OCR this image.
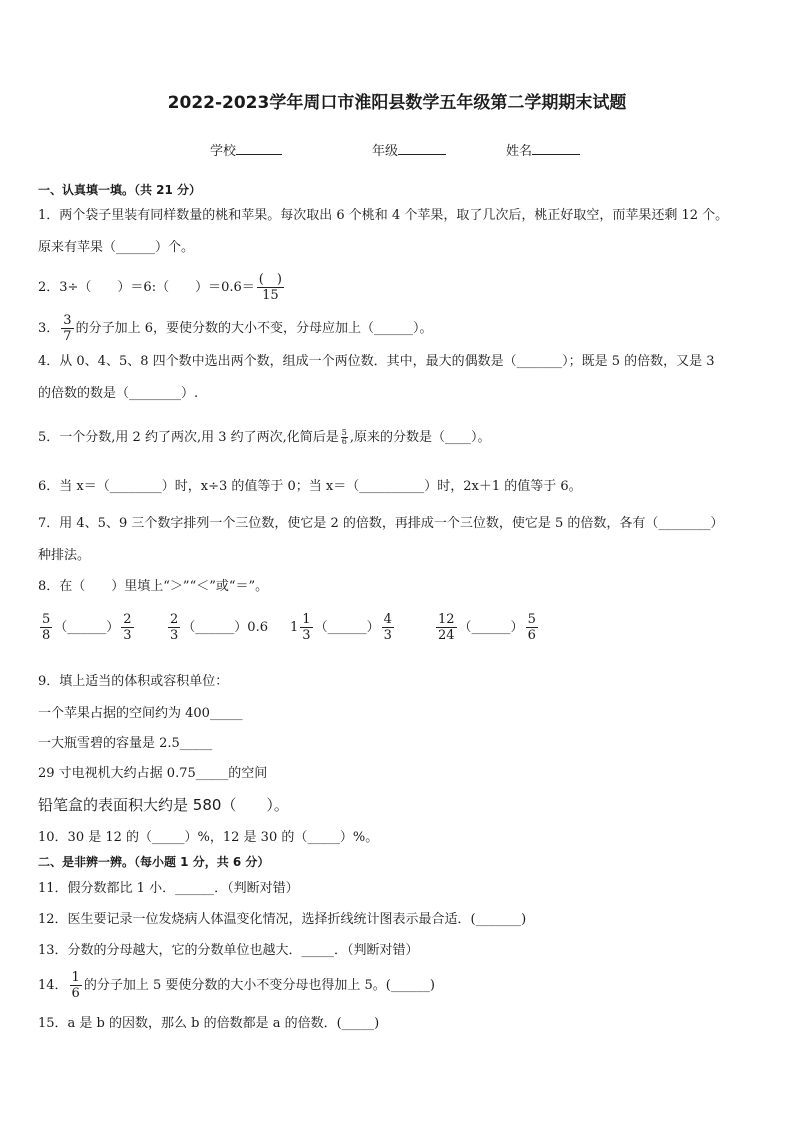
2022-2023学年周口市淮阳县数学五年级第二学期期末试题
学校	年级	姓名
一、认真填一填。（共 21 分）
1．两个袋子里装有同样数量的桃和苹果。每次取出 6 个桃和 4 个苹果，取了几次后，桃正好取空，而苹果还剩 12 个。
原来有苹果（______）个。
2．3÷（　　）＝6:（　　）$=0.6= \frac{( )}{15}$
3． $\frac{3}{7}$ 的分子加上 6，要使分数的大小不变，分母应加上（______）。
4．从 0、4、5、8 四个数中选出两个数，组成一个两位数．其中，最大的偶数是（_______）；既是 5 的倍数，又是 3
的倍数的数是（________）.
5．一个分数,用 2 约了两次,用 3 约了两次,化简后是 $\frac{5}{6}$ ,原来的分数是（____）。
6．当 x＝（________）时，x÷3 的值等于 0；当 x＝（__________）时，2x＋1 的值等于 6。
7．用 4、5、9 三个数字排列一个三位数，使它是 2 的倍数，再排成一个三位数，使它是 5 的倍数，各有（________）
种排法。
8．在（　　）里填上“＞”“＜”或“＝”。
$\frac{5}{8}$ （______） $\frac{2}{3}$	$\frac{2}{3}$ （______）0.6 $1 \frac{1}{3}$ （______） $\frac{4}{3}$	$\frac{12}{24}$ （______） $\frac{5}{6}$
9．填上适当的体积或容积单位：
一个苹果占据的空间约为 400_____
一大瓶雪碧的容量是 2.5_____
29 寸电视机大约占据 0.75_____的空间
铅笔盒的表面积大约是 580（　　）。
10．30 是 12 的（_____）%，12 是 30 的（_____）%。
二、是非辨一辨。（每小题 1 分，共 6 分）
11．假分数都比 1 小．______．（判断对错）
12．医生要记录一位发烧病人体温变化情况，选择折线统计图表示最合适．(_______)
13．分数的分母越大，它的分数单位也越大．_____．（判断对错）
14． $\frac{1}{6}$ 的分子加上 5 要使分数的大小不变分母也得加上 5。(______)
15．a 是 b 的因数，那么 b 的倍数都是 a 的倍数．(_____)
